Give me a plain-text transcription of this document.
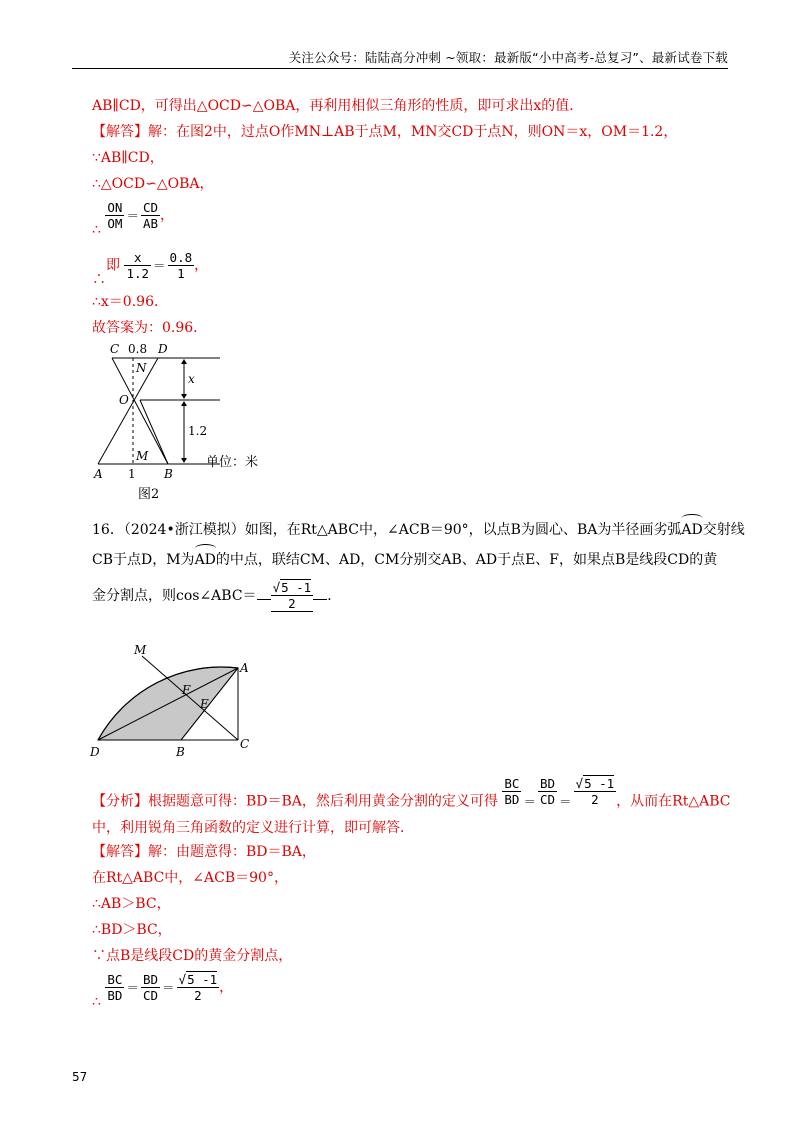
关注公众号：陆陆高分冲刺 ~领取：最新版“小中高考-总复习”、最新试卷下载
AB∥CD，可得出△OCD∽△OBA，再利用相似三角形的性质，即可求出x的值．
【解答】解：在图2中，过点O作MN⊥AB于点M，MN交CD于点N，则ON＝x，OM＝1.2，
∵AB∥CD，
∴△OCD∽△OBA，
∴ $\frac{ON}{OM} = \frac{CD}{AB}$ ，
∴即 $\frac{x}{1.2} = \frac{0.8}{1}$ ，
∴x＝0.96．
故答案为：0.96．
C 0.8 D
N
O
x
1.2
M
A 1 B
单位：米
图2
16．（2024•浙江模拟）如图，在Rt△ABC中，∠ACB＝90°，以点B为圆心、BA为半径画劣弧
AD交射线
CB于点D，M为
AD的中点，联结CM、AD，CM分别交AB、AD于点E、F，如果点B是线段CD的黄
金分割点，则cos∠ABC＝ $\frac{√5 -1}{2}$ ．
M
A
F
E
D	B
C
【分析】根据题意可得：BD＝BA，然后利用黄金分割的定义可得 $\frac{BC}{BD} = \frac{BD}{CD} = \frac{√5 -1}{2}$ ，从而在Rt△ABC
中，利用锐角三角函数的定义进行计算，即可解答．
【解答】解：由题意得：BD＝BA，
在Rt△ABC中，∠ACB＝90°，
∴AB＞BC，
∴BD＞BC，
∵点B是线段CD的黄金分割点，
∴ $\frac{BC}{BD} = \frac{BD}{CD} = \frac{√5 -1}{2}$ ，
57
